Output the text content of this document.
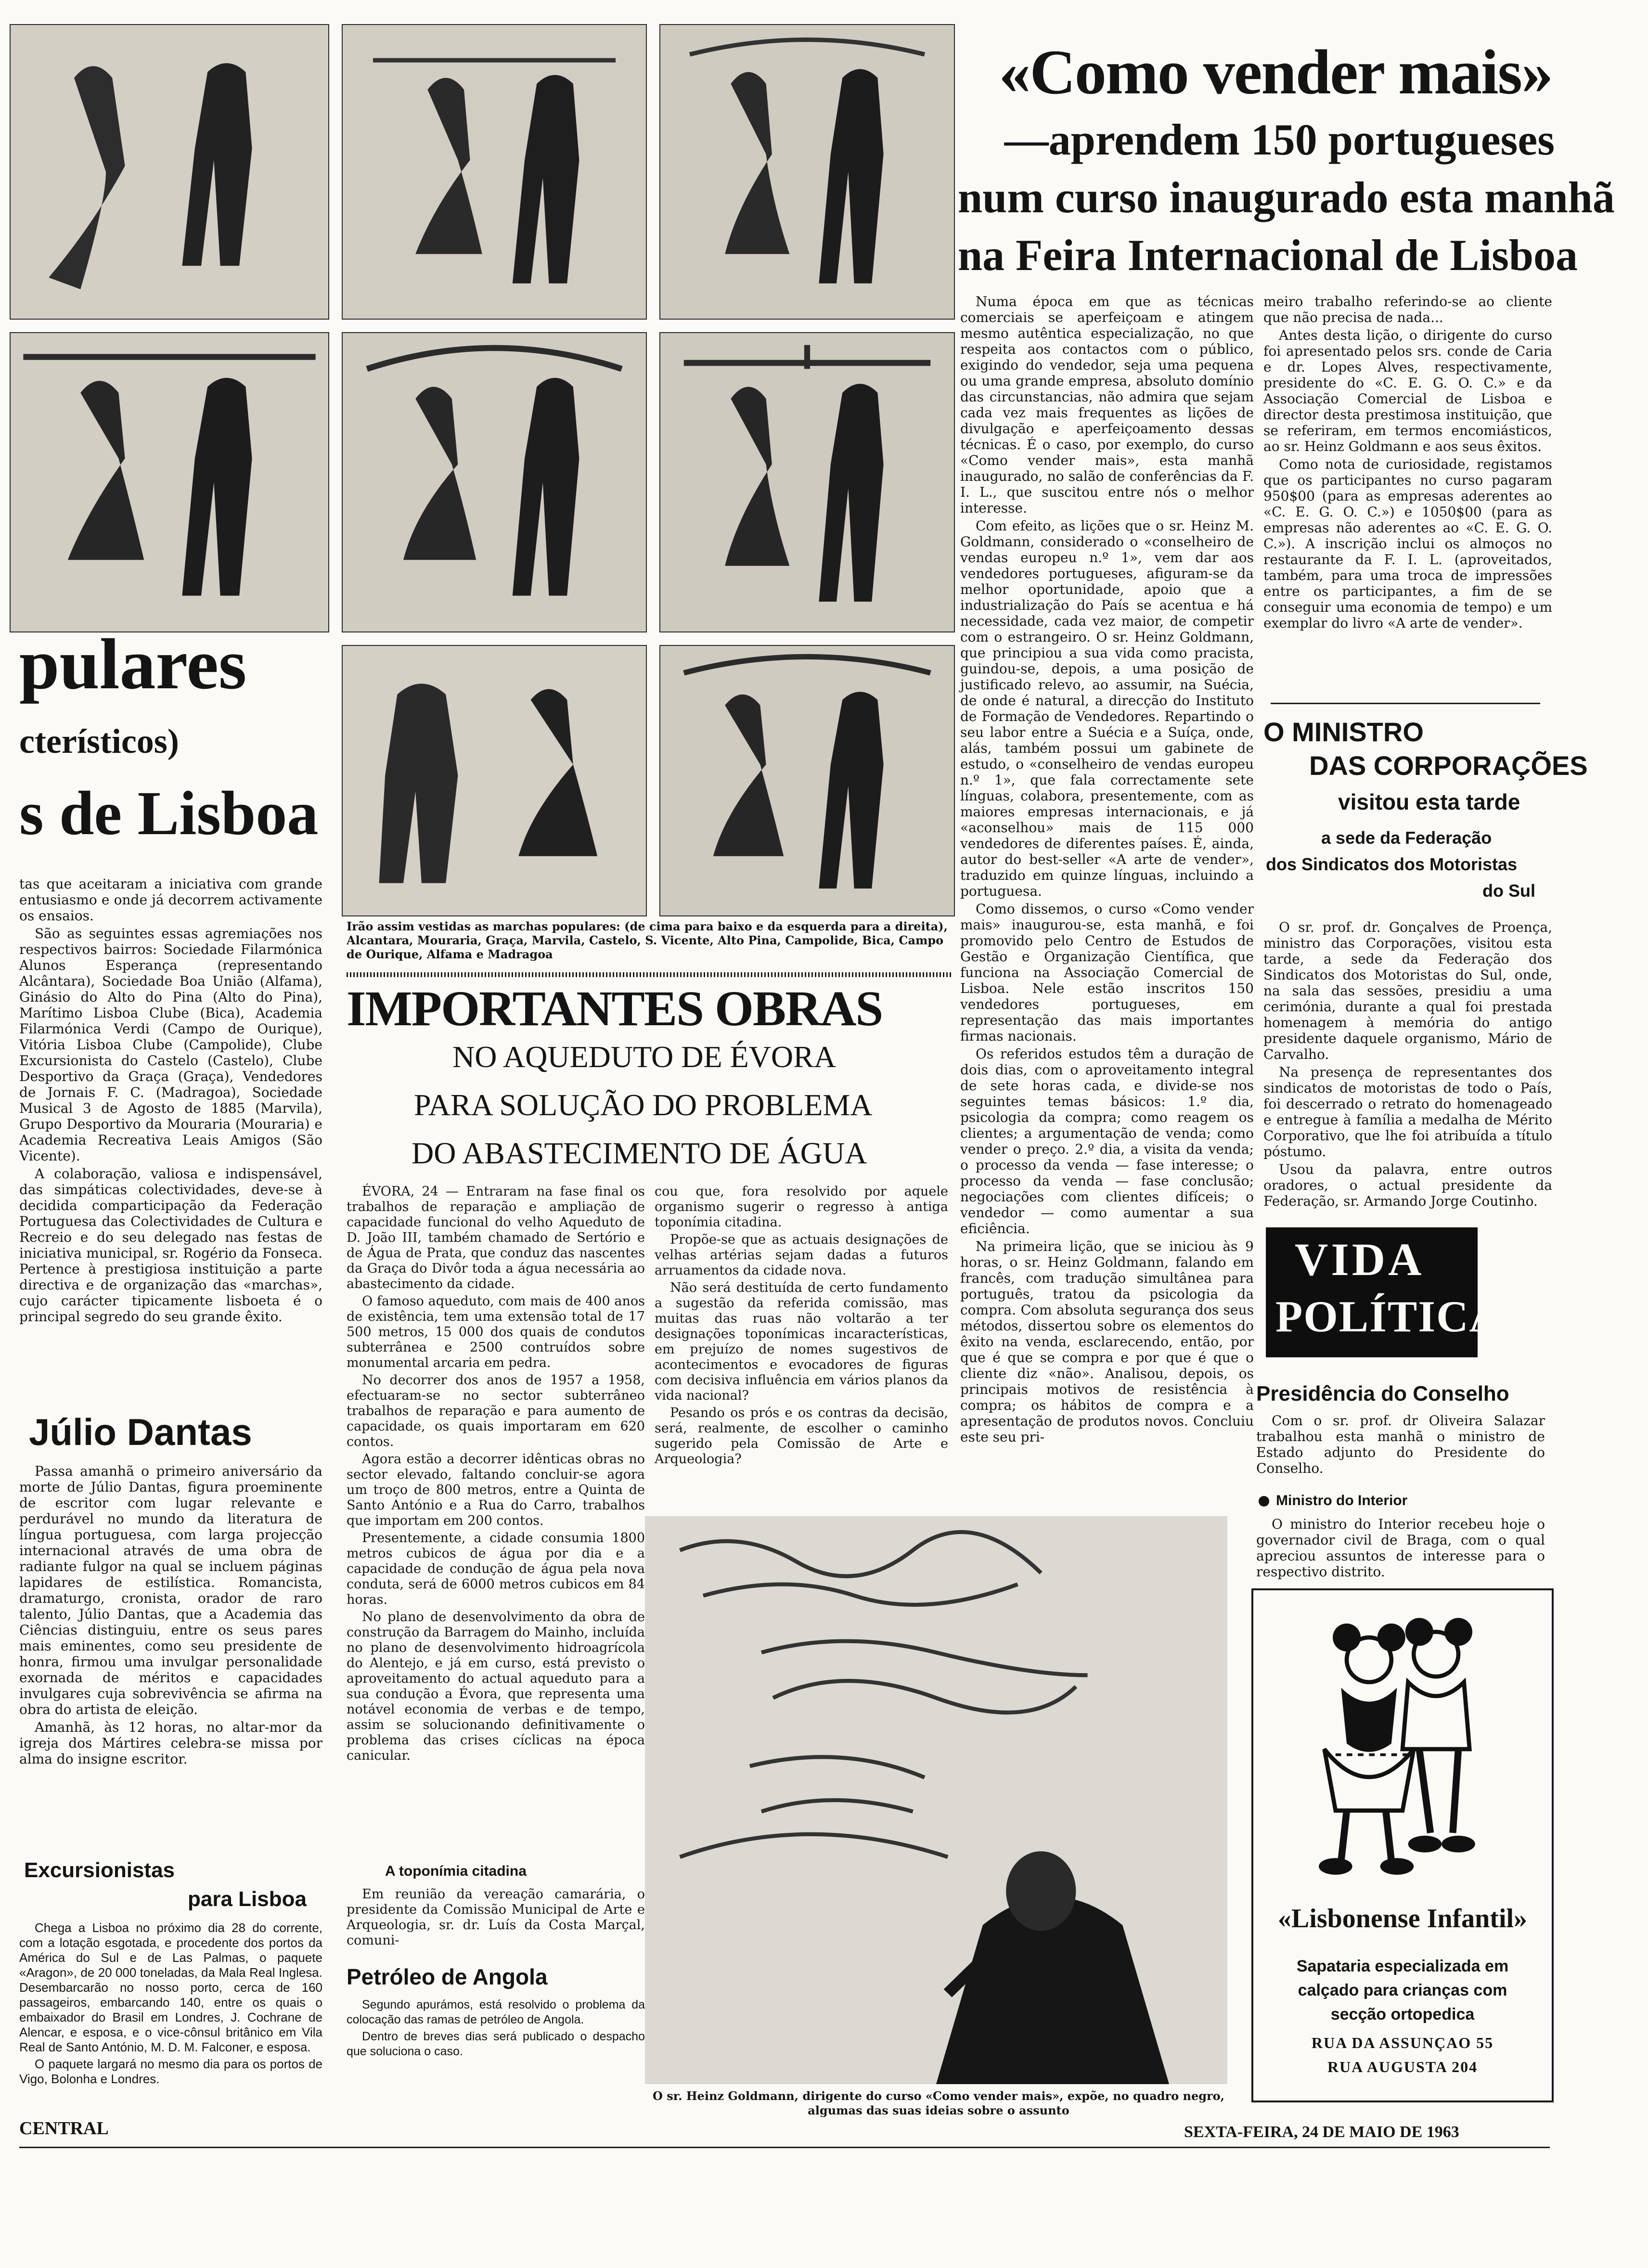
Irão assim vestidas as marchas populares: (de cima para baixo e da esquerda para a direita), Alcantara, Mouraria, Graça, Marvila, Castelo, S. Vicente, Alto Pina, Campolide, Bica, Campo de Ourique, Alfama e Madragoa
«Como vender mais»
—aprendem 150 portugueses
num curso inaugurado esta manhã
na Feira Internacional de Lisboa

Numa época em que as técnicas comerciais se aperfeiçoam e atingem mesmo autêntica especialização, no que respeita aos contactos com o público, exigindo do vendedor, seja uma pequena ou uma grande empresa, absoluto domínio das circunstancias, não admira que sejam cada vez mais frequentes as lições de divulgação e aperfeiçoamento dessas técnicas. É o caso, por exemplo, do curso «Como vender mais», esta manhã inaugurado, no salão de conferências da F. I. L., que suscitou entre nós o melhor interesse.

Com efeito, as lições que o sr. Heinz M. Goldmann, considerado o «conselheiro de vendas europeu n.º 1», vem dar aos vendedores portugueses, afiguram-se da melhor oportunidade, apoio que a industrialização do País se acentua e há necessidade, cada vez maior, de competir com o estrangeiro. O sr. Heinz Goldmann, que principiou a sua vida como pracista, guindou-se, depois, a uma posição de justificado relevo, ao assumir, na Suécia, de onde é natural, a direcção do Instituto de Formação de Vendedores. Repartindo o seu labor entre a Suécia e a Suíça, onde, alás, também possui um gabinete de estudo, o «conselheiro de vendas europeu n.º 1», que fala correctamente sete línguas, colabora, presentemente, com as maiores empresas internacionais, e já «aconselhou» mais de 115 000 vendedores de diferentes países. É, ainda, autor do best-seller «A arte de vender», traduzido em quinze línguas, incluindo a portuguesa.

Como dissemos, o curso «Como vender mais» inaugurou-se, esta manhã, e foi promovido pelo Centro de Estudos de Gestão e Organização Científica, que funciona na Associação Comercial de Lisboa. Nele estão inscritos 150 vendedores portugueses, em representação das mais importantes firmas nacionais.

Os referidos estudos têm a duração de dois dias, com o aproveitamento integral de sete horas cada, e divide-se nos seguintes temas básicos: 1.º dia, psicologia da compra; como reagem os clientes; a argumentação de venda; como vender o preço. 2.º dia, a visita da venda; o processo da venda — fase interesse; o processo da venda — fase conclusão; negociações com clientes difíceis; o vendedor — como aumentar a sua eficiência.

Na primeira lição, que se iniciou às 9 horas, o sr. Heinz Goldmann, falando em francês, com tradução simultânea para português, tratou da psicologia da compra. Com absoluta segurança dos seus métodos, dissertou sobre os elementos do êxito na venda, esclarecendo, então, por que é que se compra e por que é que o cliente diz «não». Analisou, depois, os principais motivos de resistência à compra; os hábitos de compra e a apresentação de produtos novos. Concluiu este seu pri-

meiro trabalho referindo-se ao cliente que não precisa de nada...

Antes desta lição, o dirigente do curso foi apresentado pelos srs. conde de Caria e dr. Lopes Alves, respectivamente, presidente do «C. E. G. O. C.» e da Associação Comercial de Lisboa e director desta prestimosa instituição, que se referiram, em termos encomiásticos, ao sr. Heinz Goldmann e aos seus êxitos.

Como nota de curiosidade, registamos que os participantes no curso pagaram 950$00 (para as empresas aderentes ao «C. E. G. O. C.») e 1050$00 (para as empresas não aderentes ao «C. E. G. O. C.»). A inscrição inclui os almoços no restaurante da F. I. L. (aproveitados, também, para uma troca de impressões entre os participantes, a fim de se conseguir uma economia de tempo) e um exemplar do livro «A arte de vender».

O MINISTRO
DAS CORPORAÇÕES
visitou esta tarde
a sede da Federação
dos Sindicatos dos Motoristas
do Sul

O sr. prof. dr. Gonçalves de Proença, ministro das Corporações, visitou esta tarde, a sede da Federação dos Sindicatos dos Motoristas do Sul, onde, na sala das sessões, presidiu a uma cerimónia, durante a qual foi prestada homenagem à memória do antigo presidente daquele organismo, Mário de Carvalho.

Na presença de representantes dos sindicatos de motoristas de todo o País, foi descerrado o retrato do homenageado e entregue à família a medalha de Mérito Corporativo, que lhe foi atribuída a título póstumo.

Usou da palavra, entre outros oradores, o actual presidente da Federação, sr. Armando Jorge Coutinho.

VIDA
POLÍTICA
Presidência do Conselho

Com o sr. prof. dr Oliveira Salazar trabalhou esta manhã o ministro de Estado adjunto do Presidente do Conselho.

Ministro do Interior

O ministro do Interior recebeu hoje o governador civil de Braga, com o qual apreciou assuntos de interesse para o respectivo distrito.

«Lisbonense Infantil»
Sapataria especializada em
calçado para crianças com
secção ortopedica
RUA DA ASSUNÇAO 55
RUA AUGUSTA 204
pulares
cterísticos)
s de Lisboa

tas que aceitaram a iniciativa com grande entusiasmo e onde já decorrem activamente os ensaios.

São as seguintes essas agremiações nos respectivos bairros: Sociedade Filarmónica Alunos Esperança (representando Alcântara), Sociedade Boa União (Alfama), Ginásio do Alto do Pina (Alto do Pina), Marítimo Lisboa Clube (Bica), Academia Filarmónica Verdi (Campo de Ourique), Vitória Lisboa Clube (Campolide), Clube Excursionista do Castelo (Castelo), Clube Desportivo da Graça (Graça), Vendedores de Jornais F. C. (Madragoa), Sociedade Musical 3 de Agosto de 1885 (Marvila), Grupo Desportivo da Mouraria (Mouraria) e Academia Recreativa Leais Amigos (São Vicente).

A colaboração, valiosa e indispensável, das simpáticas colectividades, deve-se à decidida comparticipação da Federação Portuguesa das Colectividades de Cultura e Recreio e do seu delegado nas festas de iniciativa municipal, sr. Rogério da Fonseca. Pertence à prestigiosa instituição a parte directiva e de organização das «marchas», cujo carácter tipicamente lisboeta é o principal segredo do seu grande êxito.

Júlio Dantas

Passa amanhã o primeiro aniversário da morte de Júlio Dantas, figura proeminente de escritor com lugar relevante e perdurável no mundo da literatura de língua portuguesa, com larga projecção internacional através de uma obra de radiante fulgor na qual se incluem páginas lapidares de estilística. Romancista, dramaturgo, cronista, orador de raro talento, Júlio Dantas, que a Academia das Ciências distinguiu, entre os seus pares mais eminentes, como seu presidente de honra, firmou uma invulgar personalidade exornada de méritos e capacidades invulgares cuja sobrevivência se afirma na obra do artista de eleição.

Amanhã, às 12 horas, no altar-mor da igreja dos Mártires celebra-se missa por alma do insigne escritor.

Excursionistas
para Lisboa

Chega a Lisboa no próximo dia 28 do corrente, com a lotação esgotada, e procedente dos portos da América do Sul e de Las Palmas, o paquete «Aragon», de 20 000 toneladas, da Mala Real Inglesa. Desembarcarão no nosso porto, cerca de 160 passageiros, embarcando 140, entre os quais o embaixador do Brasil em Londres, J. Cochrane de Alencar, e esposa, e o vice-cônsul britânico em Vila Real de Santo António, M. D. M. Falconer, e esposa.

O paquete largará no mesmo dia para os portos de Vigo, Bolonha e Londres.

IMPORTANTES OBRAS
NO AQUEDUTO DE ÉVORA
PARA SOLUÇÃO DO PROBLEMA
DO ABASTECIMENTO DE ÁGUA

ÉVORA, 24 — Entraram na fase final os trabalhos de reparação e ampliação de capacidade funcional do velho Aqueduto de D. João III, também chamado de Sertório e de Água de Prata, que conduz das nascentes da Graça do Divôr toda a água necessária ao abastecimento da cidade.

O famoso aqueduto, com mais de 400 anos de existência, tem uma extensão total de 17 500 metros, 15 000 dos quais de condutos subterrânea e 2500 contruídos sobre monumental arcaria em pedra.

No decorrer dos anos de 1957 a 1958, efectuaram-se no sector subterrâneo trabalhos de reparação e para aumento de capacidade, os quais importaram em 620 contos.

Agora estão a decorrer idênticas obras no sector elevado, faltando concluir-se agora um troço de 800 metros, entre a Quinta de Santo António e a Rua do Carro, trabalhos que importam em 200 contos.

Presentemente, a cidade consumia 1800 metros cubicos de água por dia e a capacidade de condução de água pela nova conduta, será de 6000 metros cubicos em 84 horas.

No plano de desenvolvimento da obra de construção da Barragem do Mainho, incluída no plano de desenvolvimento hidroagrícola do Alentejo, e já em curso, está previsto o aproveitamento do actual aqueduto para a sua condução a Évora, que representa uma notável economia de verbas e de tempo, assim se solucionando definitivamente o problema das crises cíclicas na época canicular.

cou que, fora resolvido por aquele organismo sugerir o regresso à antiga toponímia citadina.

Propõe-se que as actuais designações de velhas artérias sejam dadas a futuros arruamentos da cidade nova.

Não será destituída de certo fundamento a sugestão da referida comissão, mas muitas das ruas não voltarão a ter designações toponímicas incaracterísticas, em prejuízo de nomes sugestivos de acontecimentos e evocadores de figuras com decisiva influência em vários planos da vida nacional?

Pesando os prós e os contras da decisão, será, realmente, de escolher o caminho sugerido pela Comissão de Arte e Arqueologia?

A toponímia citadina

Em reunião da vereação camarária, o presidente da Comissão Municipal de Arte e Arqueologia, sr. dr. Luís da Costa Marçal, comuni-

Petróleo de Angola

Segundo apurámos, está resolvido o problema da colocação das ramas de petróleo de Angola.

Dentro de breves dias será publicado o despacho que soluciona o caso.

O sr. Heinz Goldmann, dirigente do curso «Como vender mais», expõe, no quadro negro, algumas das suas ideias sobre o assunto
CENTRAL	SEXTA-FEIRA, 24 DE MAIO DE 1963
